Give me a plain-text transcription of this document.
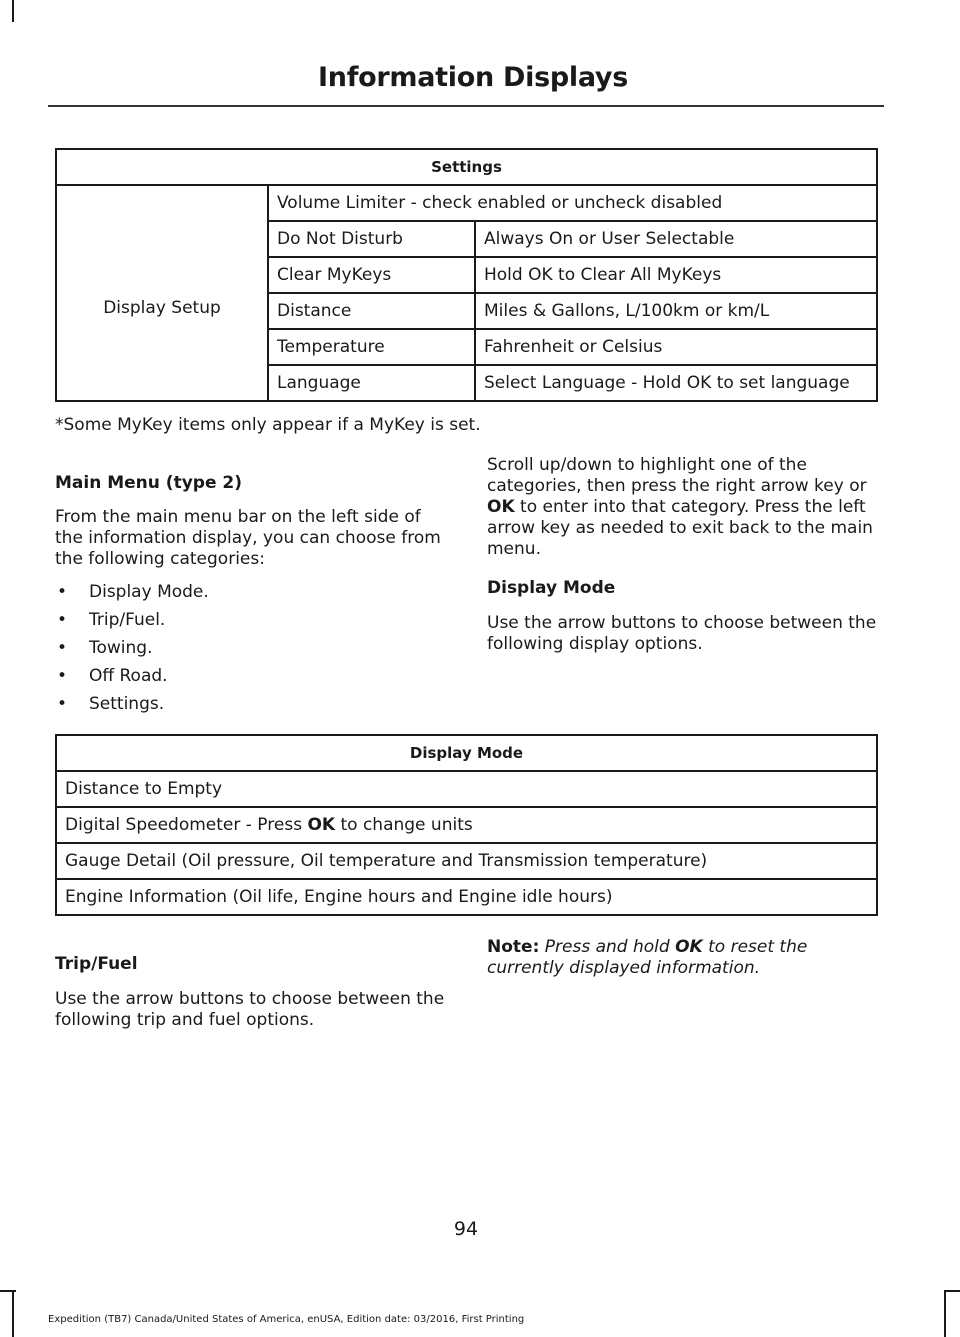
Information Displays
Settings		

Display Setup	Volume Limiter - check enabled or uncheck disabled	
	Do Not Disturb	Always On or User Selectable
	Clear MyKeys	Hold OK to Clear All MyKeys
	Distance	Miles & Gallons, L/100km or km/L
	Temperature	Fahrenheit or Celsius
	Language	Select Language - Hold OK to set language
*Some MyKey items only appear if a MyKey is set.
Main Menu (type 2)
From the main menu bar on the left side of the information display, you can choose from the following categories:
• Display Mode.
• Trip/Fuel.
• Towing.
• Off Road.
• Settings.
Scroll up/down to highlight one of the categories, then press the right arrow key or OK to enter into that category. Press the left arrow key as needed to exit back to the main menu.
Display Mode
Use the arrow buttons to choose between the following display options.
Display Mode
Distance to Empty
Digital Speedometer - Press OK to change units
Gauge Detail (Oil pressure, Oil temperature and Transmission temperature)
Engine Information (Oil life, Engine hours and Engine idle hours)
Trip/Fuel
Use the arrow buttons to choose between the following trip and fuel options.
Note: Press and hold OK to reset the currently displayed information.
94
Expedition (TB7) Canada/United States of America, enUSA, Edition date: 03/2016, First Printing
